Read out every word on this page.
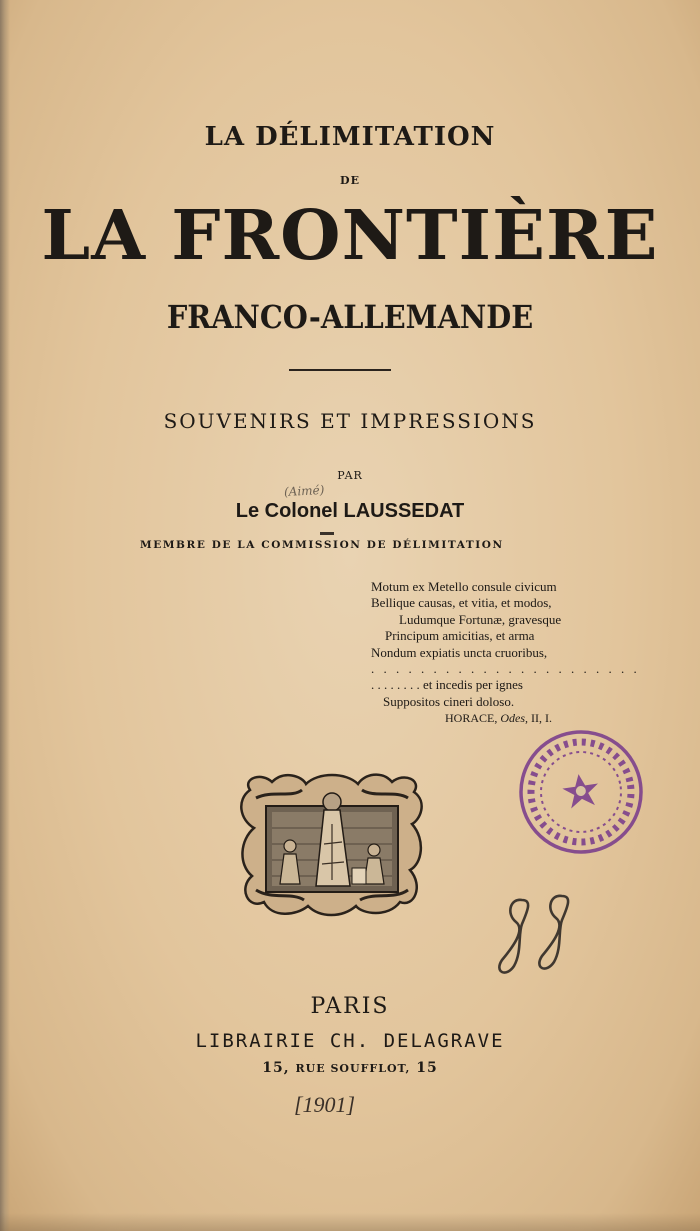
LA DÉLIMITATION
DE
LA FRONTIÈRE
FRANCO-ALLEMANDE
SOUVENIRS ET IMPRESSIONS
PAR
(Aimé)
Le Colonel LAUSSEDAT
MEMBRE DE LA COMMISSION DE DÉLIMITATION
Motum ex Metello consule civicum
Bellique causas, et vitia, et modos,
Ludumque Fortunæ, gravesque
Principum amicitias, et arma
Nondum expiatis uncta cruoribus,
. . . . . . . . . . . . . . . . . . . . . .
. . . . . . . . et incedis per ignes
Suppositos cineri doloso.
HORACE, Odes, II, I.
PARIS
LIBRAIRIE CH. DELAGRAVE
15, RUE SOUFFLOT, 15
[1901]
